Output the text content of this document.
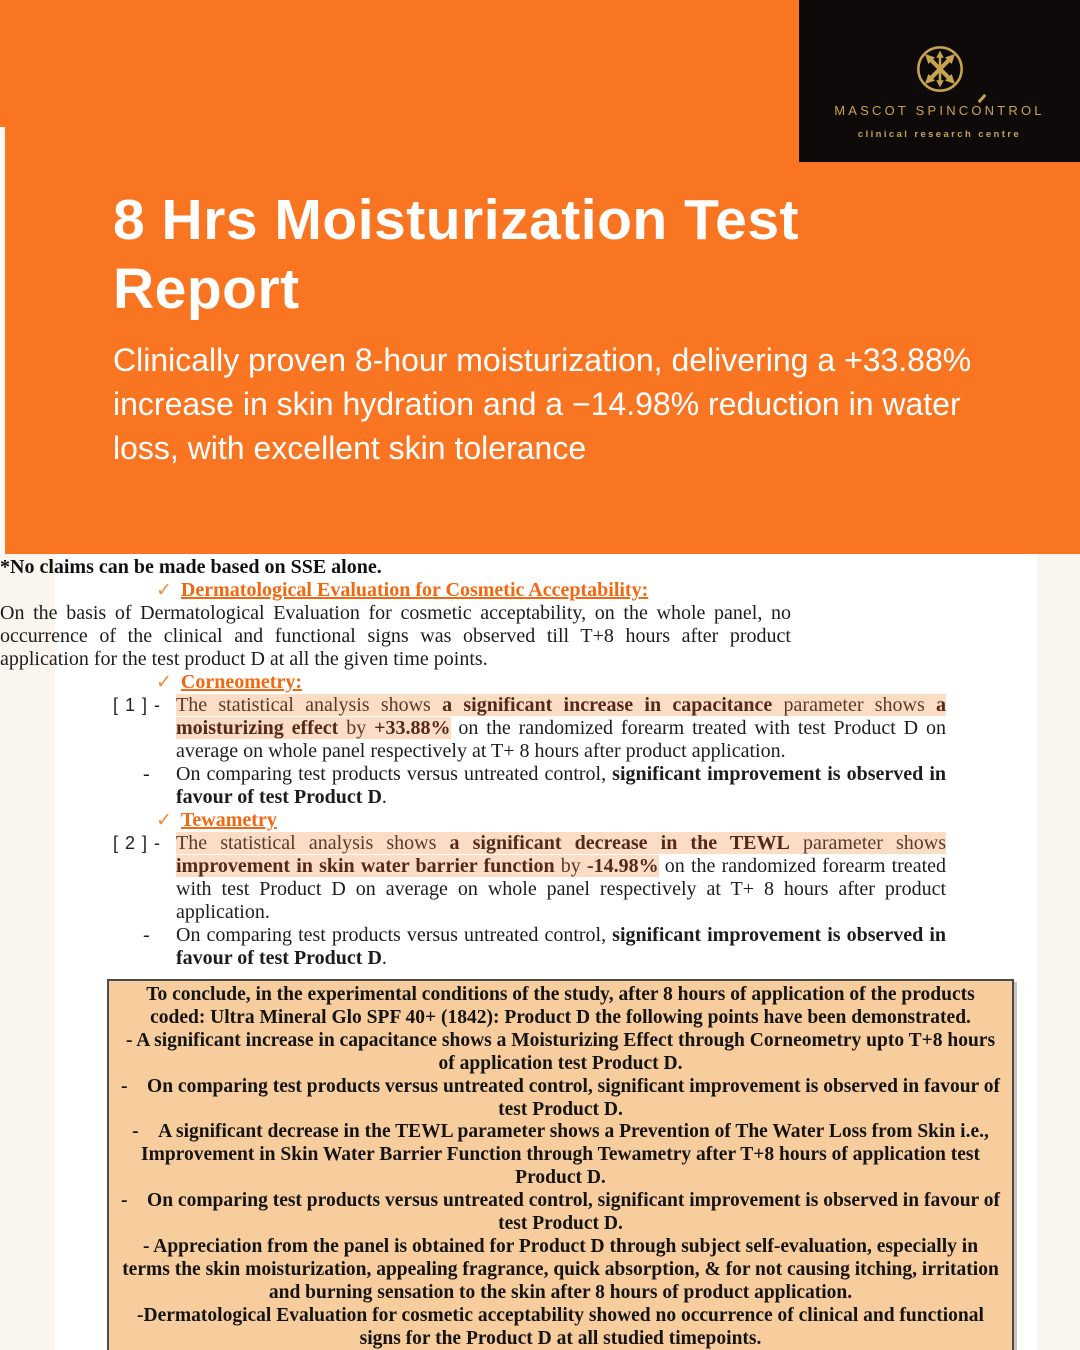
MASCOT SPINCONTROL
clinical research centre
8 Hrs Moisturization Test Report

Clinically proven 8-hour moisturization, delivering a +33.88% increase in skin hydration and a −14.98% reduction in water loss, with excellent skin tolerance

*No claims can be made based on SSE alone.

✓ Dermatological Evaluation for Cosmetic Acceptability:

On the basis of Dermatological Evaluation for cosmetic acceptability, on the whole panel, no occurrence of the clinical and functional signs was observed till T+8 hours after product application for the test product D at all the given time points.

✓ Corneometry:
[ 1 ] - The statistical analysis shows a significant increase in capacitance parameter shows a moisturizing effect by +33.88% on the randomized forearm treated with test Product D on average on whole panel respectively at T+ 8 hours after product application.

- On comparing test products versus untreated control, significant improvement is observed in favour of test Product D.

✓ Tewametry
[ 2 ] - The statistical analysis shows a significant decrease in the TEWL parameter shows improvement in skin water barrier function by -14.98% on the randomized forearm treated with test Product D on average on whole panel respectively at T+ 8 hours after product application.

- On comparing test products versus untreated control, significant improvement is observed in favour of test Product D.

To conclude, in the experimental conditions of the study, after 8 hours of application of the products coded: Ultra Mineral Glo SPF 40+ (1842): Product D the following points have been demonstrated.

- A significant increase in capacitance shows a Moisturizing Effect through Corneometry upto T+8 hours of application test Product D.

-    On comparing test products versus untreated control, significant improvement is observed in favour of test Product D.

-    A significant decrease in the TEWL parameter shows a Prevention of The Water Loss from Skin i.e., Improvement in Skin Water Barrier Function through Tewametry after T+8 hours of application test Product D.

-    On comparing test products versus untreated control, significant improvement is observed in favour of test Product D.

- Appreciation from the panel is obtained for Product D through subject self-evaluation, especially in terms the skin moisturization, appealing fragrance, quick absorption, & for not causing itching, irritation and burning sensation to the skin after 8 hours of product application.

-Dermatological Evaluation for cosmetic acceptability showed no occurrence of clinical and functional signs for the Product D at all studied timepoints.
